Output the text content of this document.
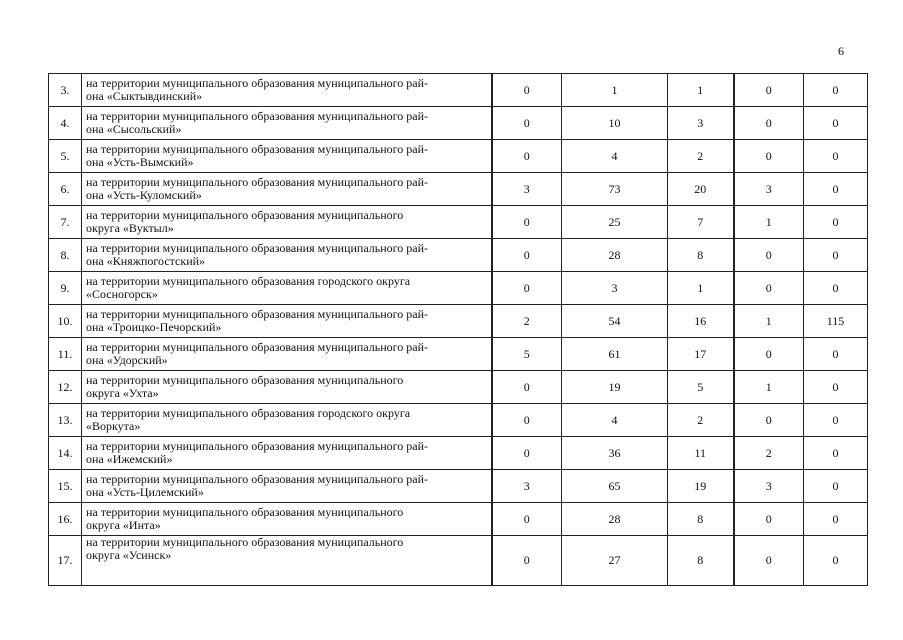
6
3.	на территории муниципального образования муниципального рай-
она «Сыктывдинский»	0	1	1	0	0
4.	на территории муниципального образования муниципального рай-
она «Сысольский»	0	10	3	0	0
5.	на территории муниципального образования муниципального рай-
она «Усть-Вымский»	0	4	2	0	0
6.	на территории муниципального образования муниципального рай-
она «Усть-Куломский»	3	73	20	3	0
7.	на территории муниципального образования муниципального
округа «Вуктыл»	0	25	7	1	0
8.	на территории муниципального образования муниципального рай-
она «Княжпогостский»	0	28	8	0	0
9.	на территории муниципального образования городского округа
«Сосногорск»	0	3	1	0	0
10.	на территории муниципального образования муниципального рай-
она «Троицко-Печорский»	2	54	16	1	115
11.	на территории муниципального образования муниципального рай-
она «Удорский»	5	61	17	0	0
12.	на территории муниципального образования муниципального
округа «Ухта»	0	19	5	1	0
13.	на территории муниципального образования городского округа
«Воркута»	0	4	2	0	0
14.	на территории муниципального образования муниципального рай-
она «Ижемский»	0	36	11	2	0
15.	на территории муниципального образования муниципального рай-
она «Усть-Цилемский»	3	65	19	3	0
16.	на территории муниципального образования муниципального
округа «Инта»	0	28	8	0	0
17.	на территории муниципального образования муниципального
округа «Усинск»	0	27	8	0	0
